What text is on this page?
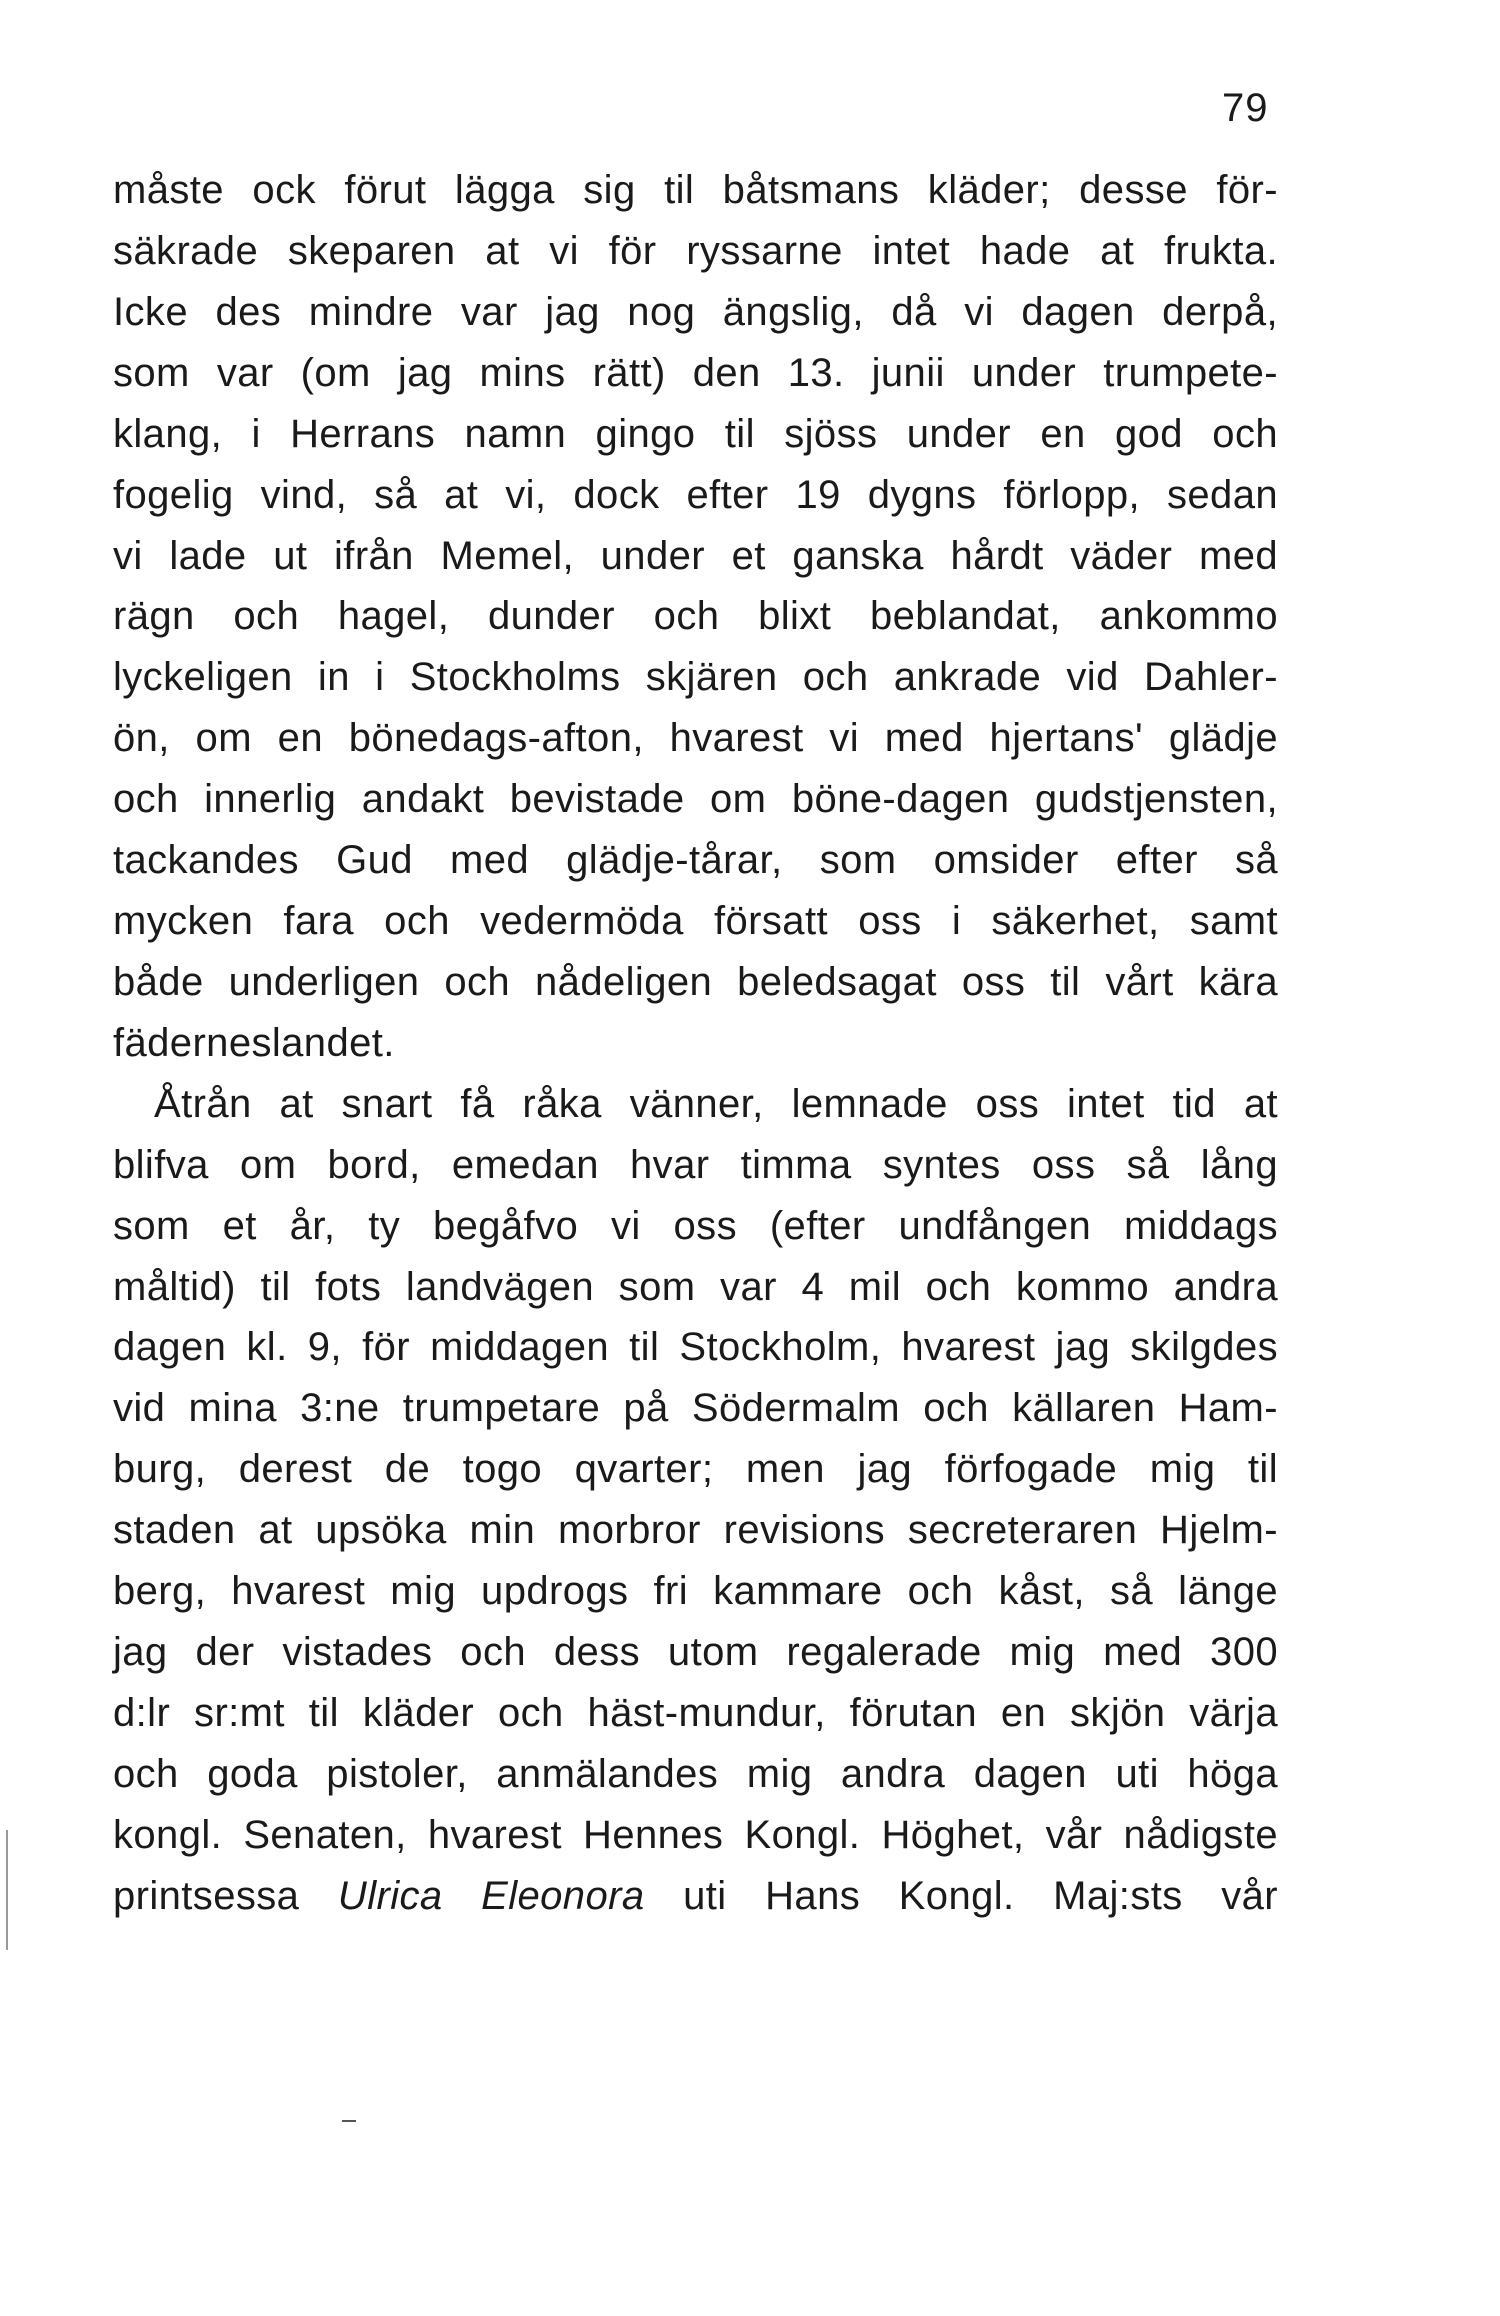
79
måste ock förut lägga sig til båtsmans kläder; desse för-
säkrade skeparen at vi för ryssarne intet hade at frukta.
Icke des mindre var jag nog ängslig, då vi dagen derpå,
som var (om jag mins rätt) den 13. junii under trumpete-
klang, i Herrans namn gingo til sjöss under en god och
fogelig vind, så at vi, dock efter 19 dygns förlopp, sedan
vi lade ut ifrån Memel, under et ganska hårdt väder med
rägn och hagel, dunder och blixt beblandat, ankommo
lyckeligen in i Stockholms skjären och ankrade vid Dahler-
ön, om en bönedags-afton, hvarest vi med hjertans' glädje
och innerlig andakt bevistade om böne-dagen gudstjensten,
tackandes Gud med glädje-tårar, som omsider efter så
mycken fara och vedermöda försatt oss i säkerhet, samt
både underligen och nådeligen beledsagat oss til vårt kära
fäderneslandet.
Åtrån at snart få råka vänner, lemnade oss intet tid at
blifva om bord, emedan hvar timma syntes oss så lång
som et år, ty begåfvo vi oss (efter undfången middags
måltid) til fots landvägen som var 4 mil och kommo andra
dagen kl. 9, för middagen til Stockholm, hvarest jag skilgdes
vid mina 3:ne trumpetare på Södermalm och källaren Ham-
burg, derest de togo qvarter; men jag förfogade mig til
staden at upsöka min morbror revisions secreteraren Hjelm-
berg, hvarest mig updrogs fri kammare och kåst, så länge
jag der vistades och dess utom regalerade mig med 300
d:lr sr:mt til kläder och häst-mundur, förutan en skjön värja
och goda pistoler, anmälandes mig andra dagen uti höga
kongl. Senaten, hvarest Hennes Kongl. Höghet, vår nådigste
printsessa Ulrica Eleonora uti Hans Kongl. Maj:sts vår
